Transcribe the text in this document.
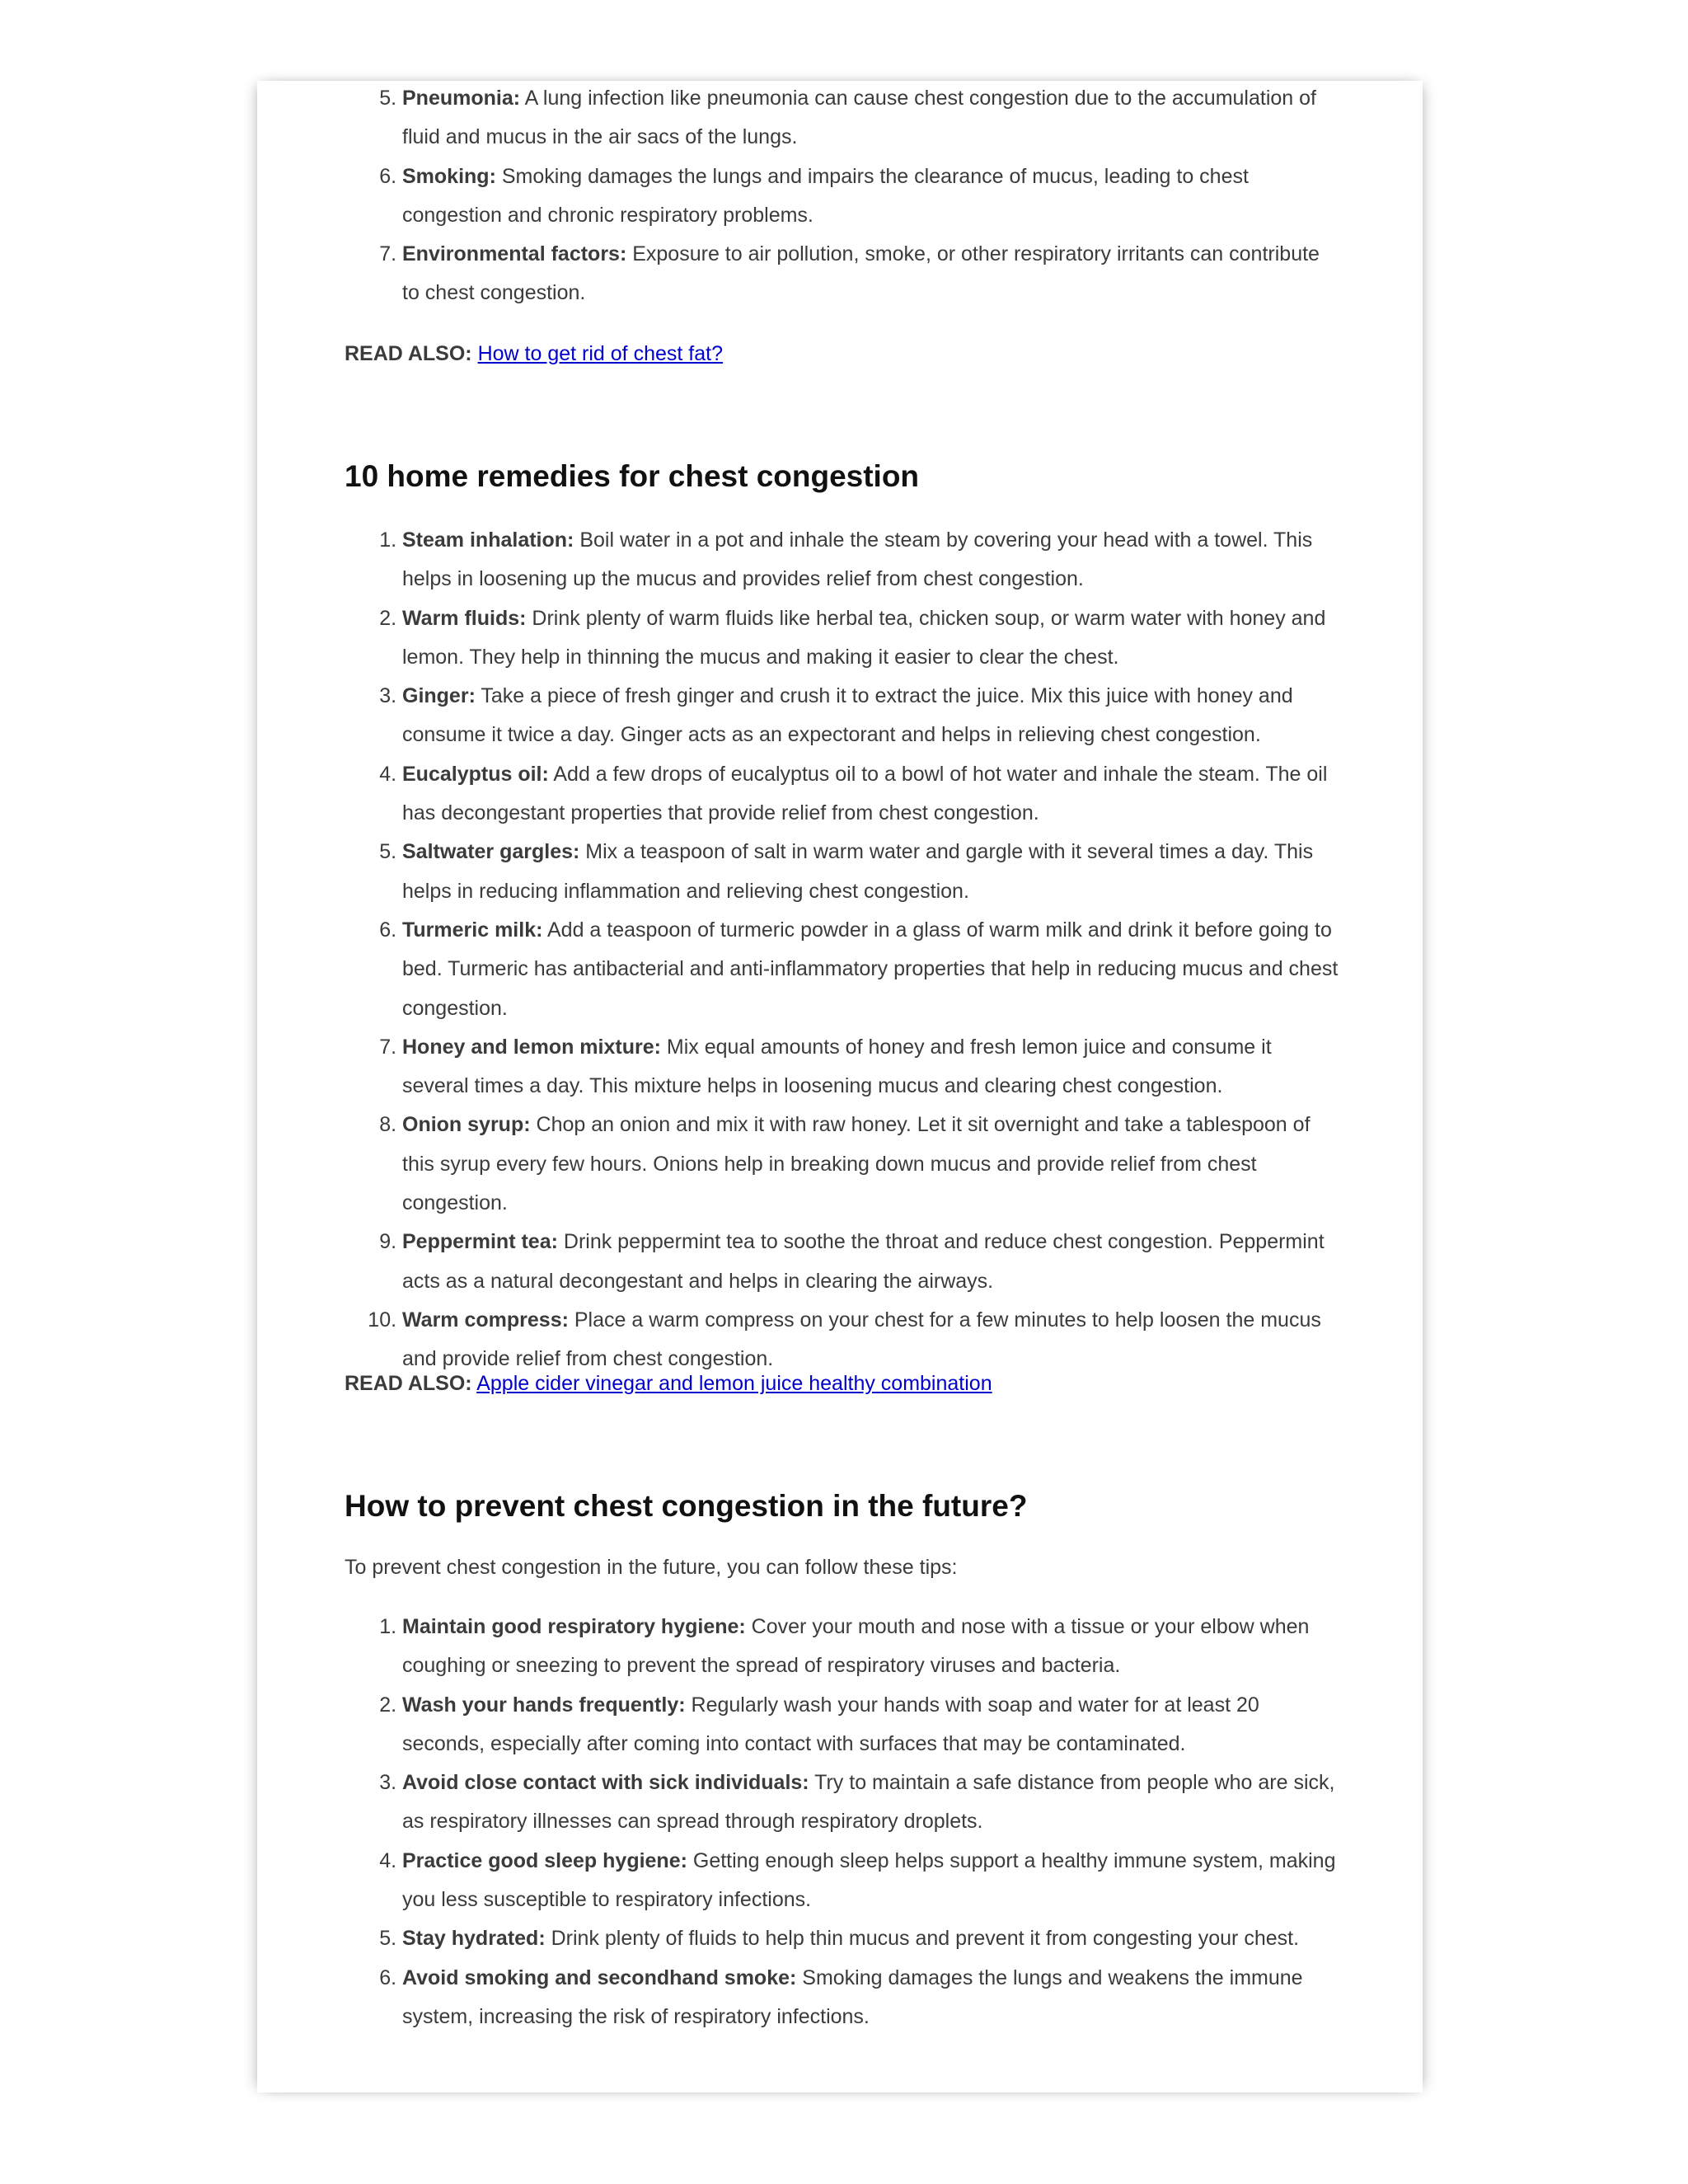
5. Pneumonia: A lung infection like pneumonia can cause chest congestion due to the accumulation of fluid and mucus in the air sacs of the lungs.
6. Smoking: Smoking damages the lungs and impairs the clearance of mucus, leading to chest congestion and chronic respiratory problems.
7. Environmental factors: Exposure to air pollution, smoke, or other respiratory irritants can contribute to chest congestion.

READ ALSO: How to get rid of chest fat?

10 home remedies for chest congestion
1. Steam inhalation: Boil water in a pot and inhale the steam by covering your head with a towel. This helps in loosening up the mucus and provides relief from chest congestion.
2. Warm fluids: Drink plenty of warm fluids like herbal tea, chicken soup, or warm water with honey and lemon. They help in thinning the mucus and making it easier to clear the chest.
3. Ginger: Take a piece of fresh ginger and crush it to extract the juice. Mix this juice with honey and consume it twice a day. Ginger acts as an expectorant and helps in relieving chest congestion.
4. Eucalyptus oil: Add a few drops of eucalyptus oil to a bowl of hot water and inhale the steam. The oil has decongestant properties that provide relief from chest congestion.
5. Saltwater gargles: Mix a teaspoon of salt in warm water and gargle with it several times a day. This helps in reducing inflammation and relieving chest congestion.
6. Turmeric milk: Add a teaspoon of turmeric powder in a glass of warm milk and drink it before going to bed. Turmeric has antibacterial and anti-inflammatory properties that help in reducing mucus and chest congestion.
7. Honey and lemon mixture: Mix equal amounts of honey and fresh lemon juice and consume it several times a day. This mixture helps in loosening mucus and clearing chest congestion.
8. Onion syrup: Chop an onion and mix it with raw honey. Let it sit overnight and take a tablespoon of this syrup every few hours. Onions help in breaking down mucus and provide relief from chest congestion.
9. Peppermint tea: Drink peppermint tea to soothe the throat and reduce chest congestion. Peppermint acts as a natural decongestant and helps in clearing the airways.
10. Warm compress: Place a warm compress on your chest for a few minutes to help loosen the mucus and provide relief from chest congestion.

READ ALSO: Apple cider vinegar and lemon juice healthy combination

How to prevent chest congestion in the future?

To prevent chest congestion in the future, you can follow these tips:

1. Maintain good respiratory hygiene: Cover your mouth and nose with a tissue or your elbow when coughing or sneezing to prevent the spread of respiratory viruses and bacteria.
2. Wash your hands frequently: Regularly wash your hands with soap and water for at least 20 seconds, especially after coming into contact with surfaces that may be contaminated.
3. Avoid close contact with sick individuals: Try to maintain a safe distance from people who are sick, as respiratory illnesses can spread through respiratory droplets.
4. Practice good sleep hygiene: Getting enough sleep helps support a healthy immune system, making you less susceptible to respiratory infections.
5. Stay hydrated: Drink plenty of fluids to help thin mucus and prevent it from congesting your chest.
6. Avoid smoking and secondhand smoke: Smoking damages the lungs and weakens the immune system, increasing the risk of respiratory infections.
